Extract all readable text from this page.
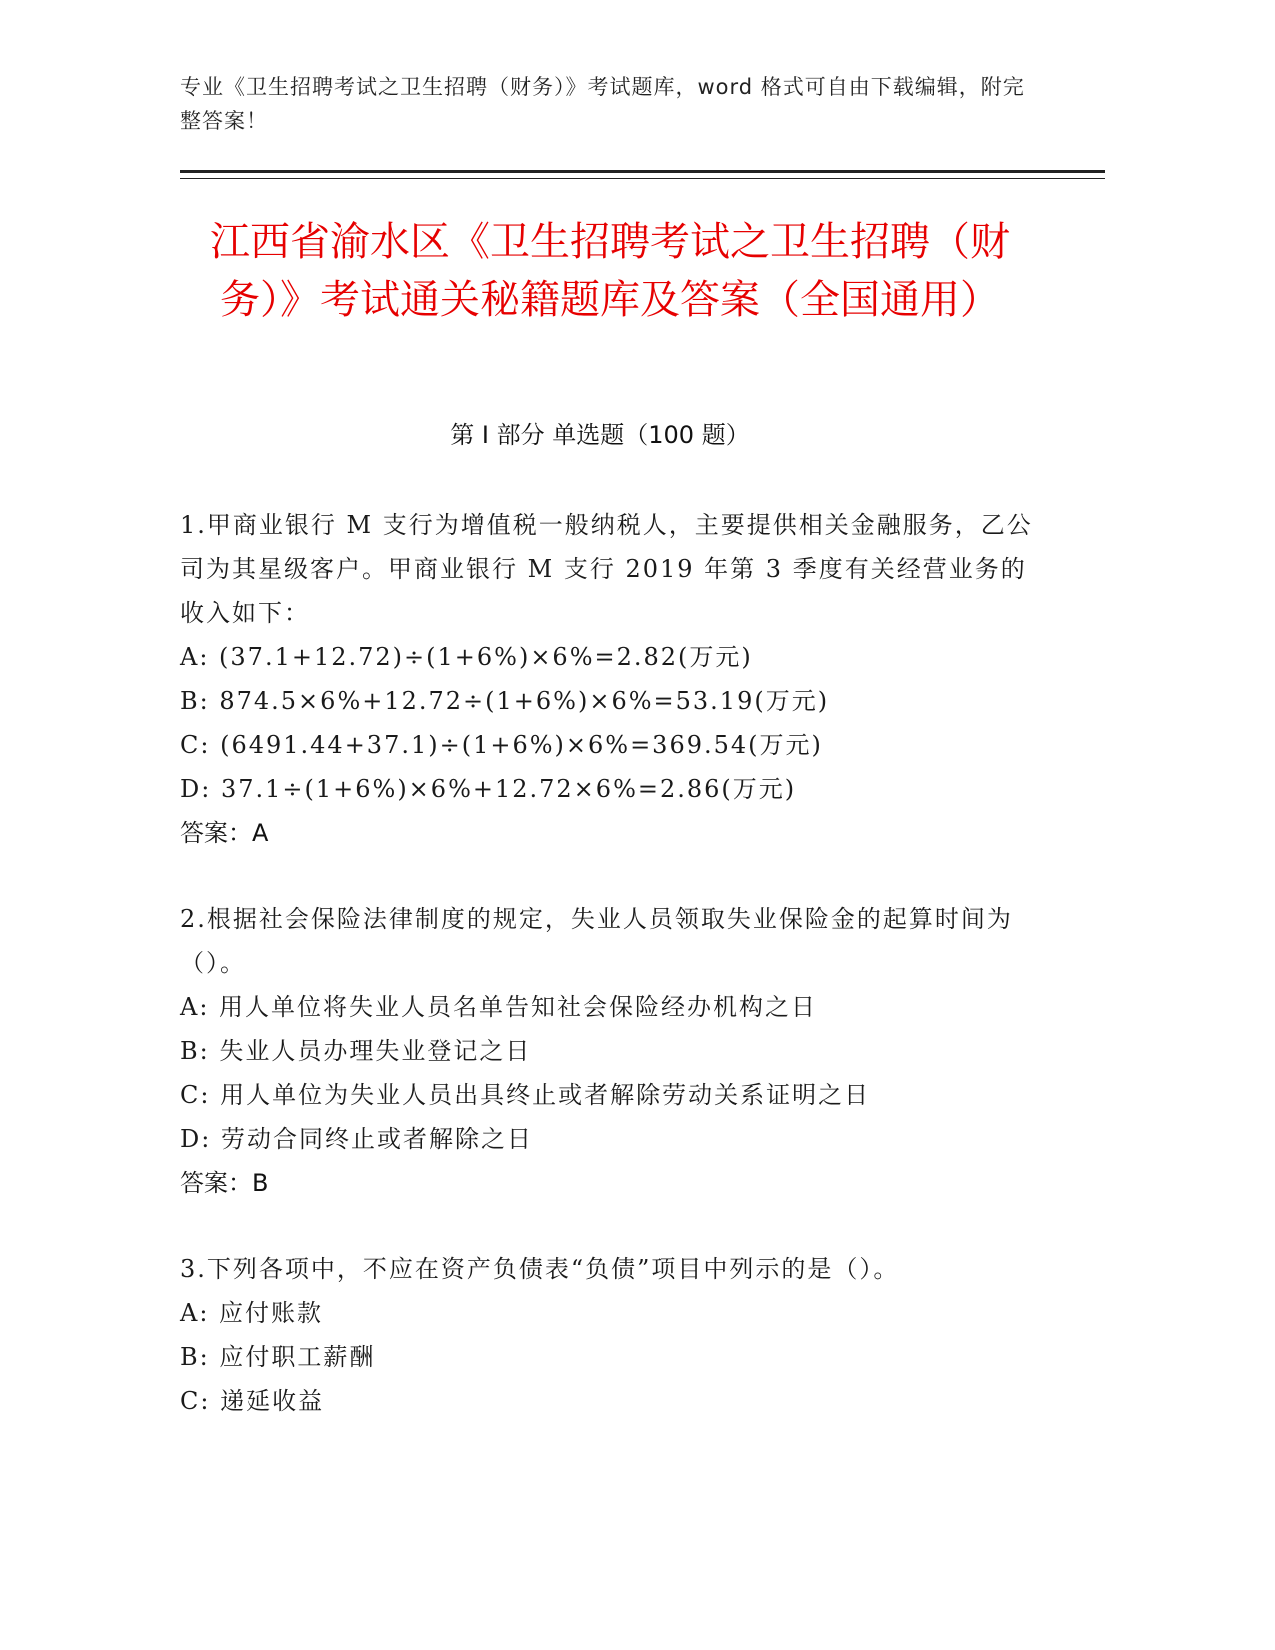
专业《卫生招聘考试之卫生招聘（财务）》考试题库，word 格式可自由下载编辑，附完整答案！
江西省渝水区《卫生招聘考试之卫生招聘（财务）》考试通关秘籍题库及答案（全国通用）
第 I 部分 单选题（100 题）
1.甲商业银行 M 支行为增值税一般纳税人，主要提供相关金融服务，乙公司为其星级客户。甲商业银行 M 支行 2019 年第 3 季度有关经营业务的收入如下：
A: (37.1+12.72)÷(1+6%)×6%=2.82(万元)
B: 874.5×6%+12.72÷(1+6%)×6%=53.19(万元)
C: (6491.44+37.1)÷(1+6%)×6%=369.54(万元)
D: 37.1÷(1+6%)×6%+12.72×6%=2.86(万元)
答案：A
2.根据社会保险法律制度的规定，失业人员领取失业保险金的起算时间为（）。
A: 用人单位将失业人员名单告知社会保险经办机构之日
B: 失业人员办理失业登记之日
C: 用人单位为失业人员出具终止或者解除劳动关系证明之日
D: 劳动合同终止或者解除之日
答案：B
3.下列各项中，不应在资产负债表“负债”项目中列示的是（）。
A: 应付账款
B: 应付职工薪酬
C: 递延收益
